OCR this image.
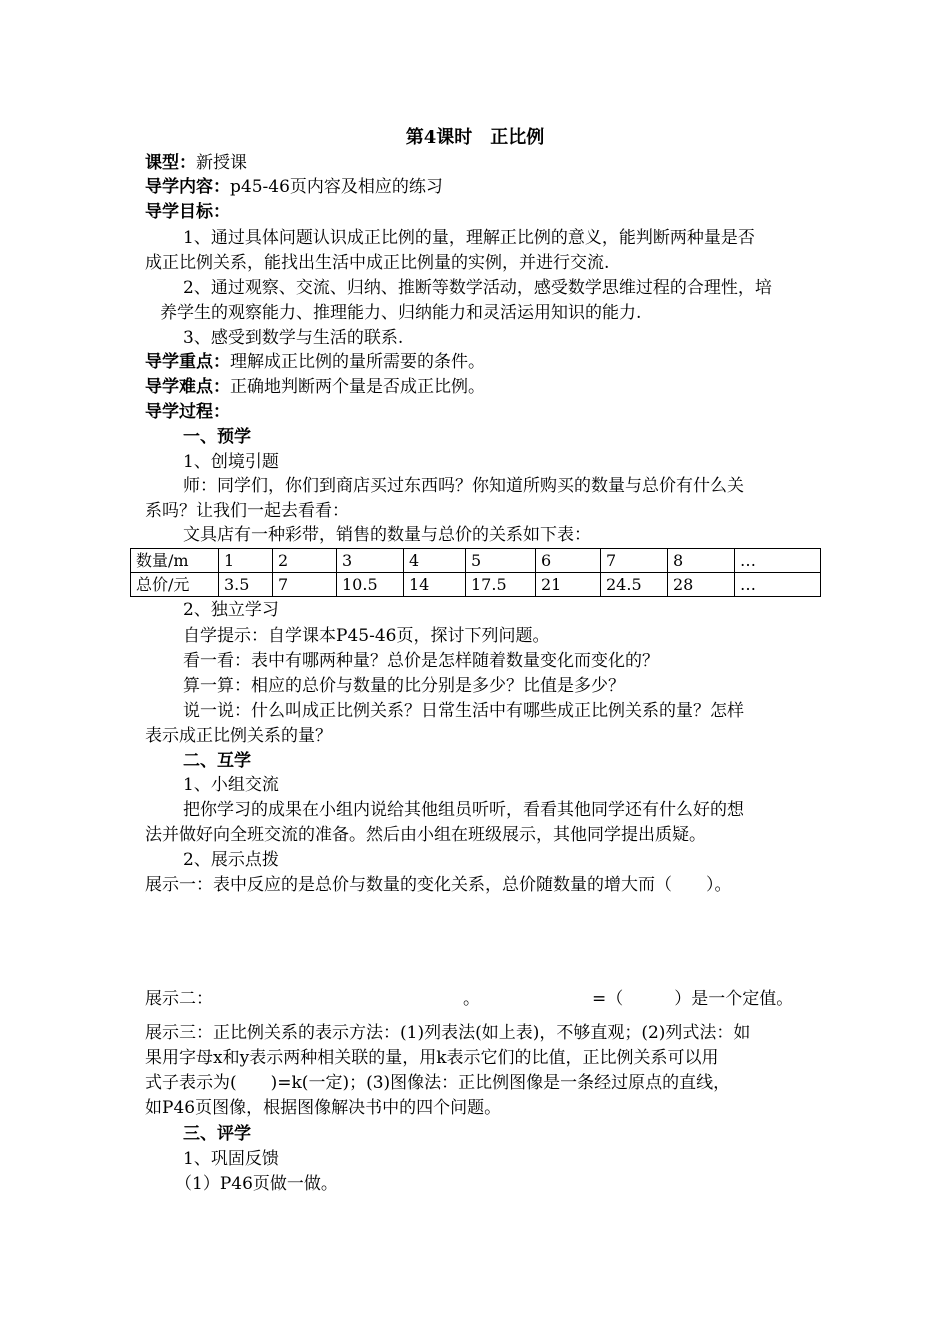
第4课时　正比例
课型：新授课
导学内容：p45-46页内容及相应的练习
导学目标：
1、通过具体问题认识成正比例的量，理解正比例的意义，能判断两种量是否
成正比例关系，能找出生活中成正比例量的实例，并进行交流.
2、通过观察、交流、归纳、推断等数学活动，感受数学思维过程的合理性，培
养学生的观察能力、推理能力、归纳能力和灵活运用知识的能力.
3、感受到数学与生活的联系.
导学重点：理解成正比例的量所需要的条件。
导学难点：正确地判断两个量是否成正比例。
导学过程：
一、预学
1、创境引题
师：同学们，你们到商店买过东西吗？你知道所购买的数量与总价有什么关
系吗？让我们一起去看看：
文具店有一种彩带，销售的数量与总价的关系如下表：
数量/m	1	2	3	4	5	6	7	8	…
总价/元	3.5	7	10.5	14	17.5	21	24.5	28	…
2、独立学习
自学提示：自学课本P45-46页，探讨下列问题。
看一看：表中有哪两种量？总价是怎样随着数量变化而变化的？
算一算：相应的总价与数量的比分别是多少？比值是多少？
说一说：什么叫成正比例关系？日常生活中有哪些成正比例关系的量？怎样
表示成正比例关系的量？
二、互学
1、小组交流
把你学习的成果在小组内说给其他组员听听，看看其他同学还有什么好的想
法并做好向全班交流的准备。然后由小组在班级展示，其他同学提出质疑。
2、展示点拨
展示一：表中反应的是总价与数量的变化关系，总价随数量的增大而（　　）。
展示二：	。	=（　　　）是一个定值。
展示三：正比例关系的表示方法：(1)列表法(如上表)，不够直观；(2)列式法：如
果用字母x和y表示两种相关联的量，用k表示它们的比值，正比例关系可以用
式子表示为(　　)=k(一定)；(3)图像法：正比例图像是一条经过原点的直线，
如P46页图像，根据图像解决书中的四个问题。
三、评学
1、巩固反馈
（1）P46页做一做。
